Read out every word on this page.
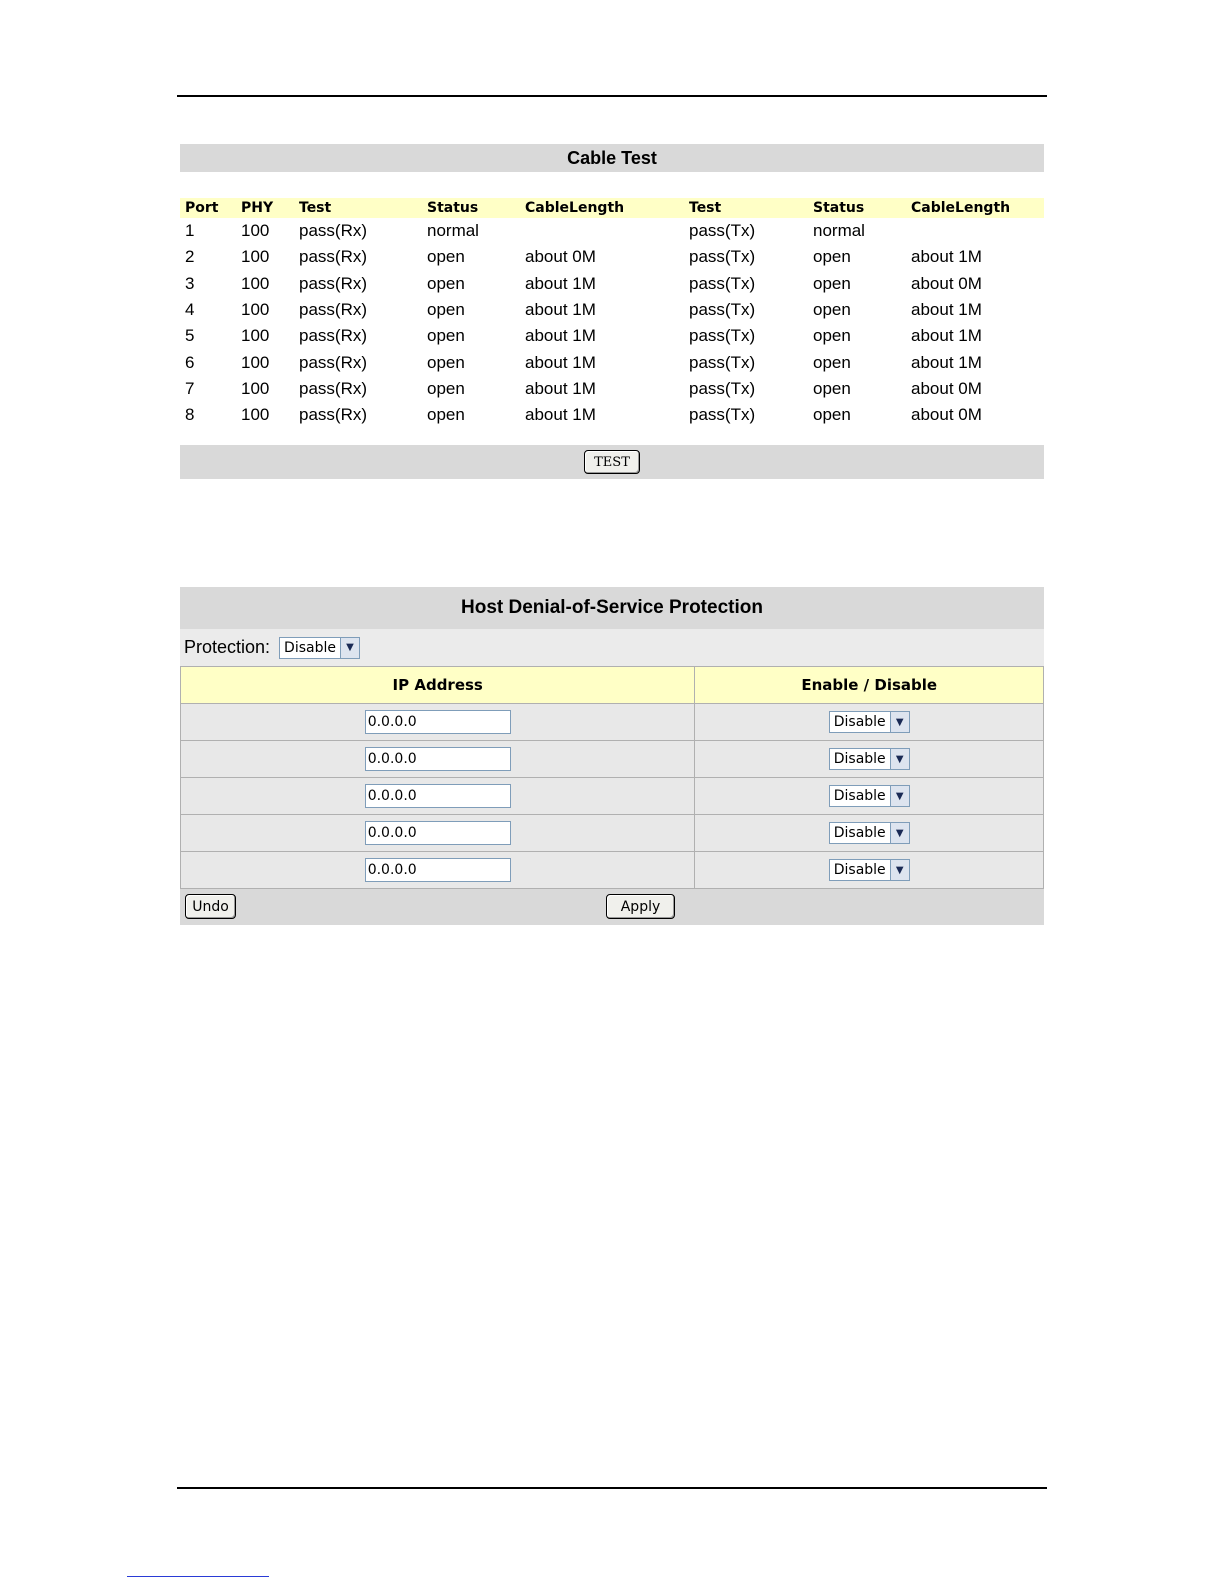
Cable Test
Port	PHY	Test	Status	CableLength	Test	Status	CableLength
1	100	pass(Rx)	normal		pass(Tx)	normal	
2	100	pass(Rx)	open	about 0M	pass(Tx)	open	about 1M
3	100	pass(Rx)	open	about 1M	pass(Tx)	open	about 0M
4	100	pass(Rx)	open	about 1M	pass(Tx)	open	about 1M
5	100	pass(Rx)	open	about 1M	pass(Tx)	open	about 1M
6	100	pass(Rx)	open	about 1M	pass(Tx)	open	about 1M
7	100	pass(Rx)	open	about 1M	pass(Tx)	open	about 0M
8	100	pass(Rx)	open	about 1M	pass(Tx)	open	about 0M
TEST
Host Denial-of-Service Protection
Protection: Disable	▼
IP Address	Enable / Disable
0.0.0.0	
Disable ▼

0.0.0.0	
Disable ▼

0.0.0.0	
Disable ▼

0.0.0.0	
Disable ▼

0.0.0.0	
Disable ▼
Undo	Apply
